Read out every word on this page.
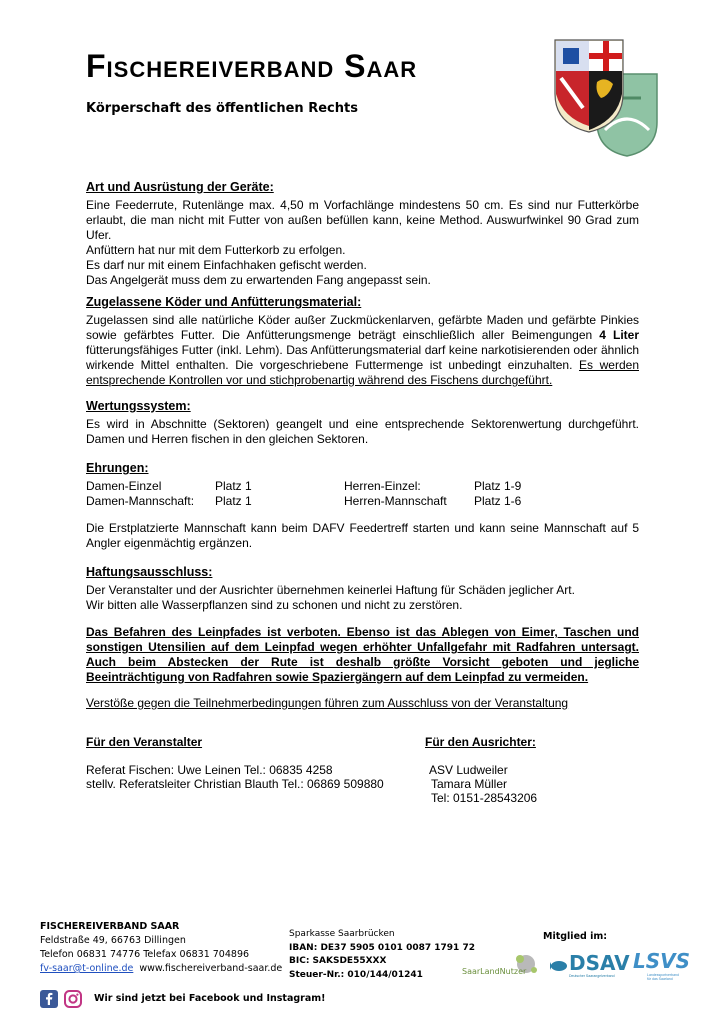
Fischereiverband Saar
Körperschaft des öffentlichen Rechts
Art und Ausrüstung der Geräte:
Eine Feederrute, Rutenlänge max. 4,50 m Vorfachlänge mindestens 50 cm. Es sind nur Futterkörbe erlaubt, die man nicht mit Futter von außen befüllen kann, keine Method. Auswurfwinkel 90 Grad zum Ufer.
Anfüttern hat nur mit dem Futterkorb zu erfolgen.
Es darf nur mit einem Einfachhaken gefischt werden.
Das Angelgerät muss dem zu erwartenden Fang angepasst sein.
Zugelassene Köder und Anfütterungsmaterial:
Zugelassen sind alle natürliche Köder außer Zuckmückenlarven, gefärbte Maden und gefärbte Pinkies sowie gefärbtes Futter. Die Anfütterungsmenge beträgt einschließlich aller Beimengungen 4 Liter fütterungsfähiges Futter (inkl. Lehm). Das Anfütterungsmaterial darf keine narkotisierenden oder ähnlich wirkende Mittel enthalten. Die vorgeschriebene Futtermenge ist unbedingt einzuhalten. Es werden entsprechende Kontrollen vor und stichprobenartig während des Fischens durchgeführt.
Wertungssystem:
Es wird in Abschnitte (Sektoren) geangelt und eine entsprechende Sektorenwertung durchgeführt. Damen und Herren fischen in den gleichen Sektoren.
Ehrungen:
Damen-Einzel	Platz 1	Herren-Einzel:	Platz 1-9
Damen-Mannschaft: Platz 1	Herren-Mannschaft Platz 1-6
Die Erstplatzierte Mannschaft kann beim DAFV Feedertreff starten und kann seine Mannschaft auf 5 Angler eigenmächtig ergänzen.
Haftungsausschluss:
Der Veranstalter und der Ausrichter übernehmen keinerlei Haftung für Schäden jeglicher Art.
Wir bitten alle Wasserpflanzen sind zu schonen und nicht zu zerstören.
Das Befahren des Leinpfades ist verboten. Ebenso ist das Ablegen von Eimer, Taschen und sonstigen Utensilien auf dem Leinpfad wegen erhöhter Unfallgefahr mit Radfahren untersagt. Auch beim Abstecken der Rute ist deshalb größte Vorsicht geboten und jegliche Beeinträchtigung von Radfahren sowie Spaziergängern auf dem Leinpfad zu vermeiden.
Verstöße gegen die Teilnehmerbedingungen führen zum Ausschluss von der Veranstaltung
Für den Veranstalter
Referat Fischen: Uwe Leinen Tel.: 06835 4258
stellv. Referatsleiter Christian Blauth Tel.: 06869 509880
Für den Ausrichter:
ASV Ludweiler
Tamara Müller
Tel: 0151-28543206
FISCHEREIVERBAND SAAR
Feldstraße 49, 66763 Dillingen
Telefon 06831 74776 Telefax 06831 704896
fv-saar@t-online.de www.fischereiverband-saar.de
Wir sind jetzt bei Facebook und Instagram!
Sparkasse Saarbrücken
IBAN: DE37 5905 0101 0087 1791 72
BIC: SAKSDE55XXX
Steuer-Nr.: 010/144/01241
Mitglied im:
SaarLandNutzer DSAV
Deutscher Saarangelverband
LSVS
Landessportverband für das Saarland
